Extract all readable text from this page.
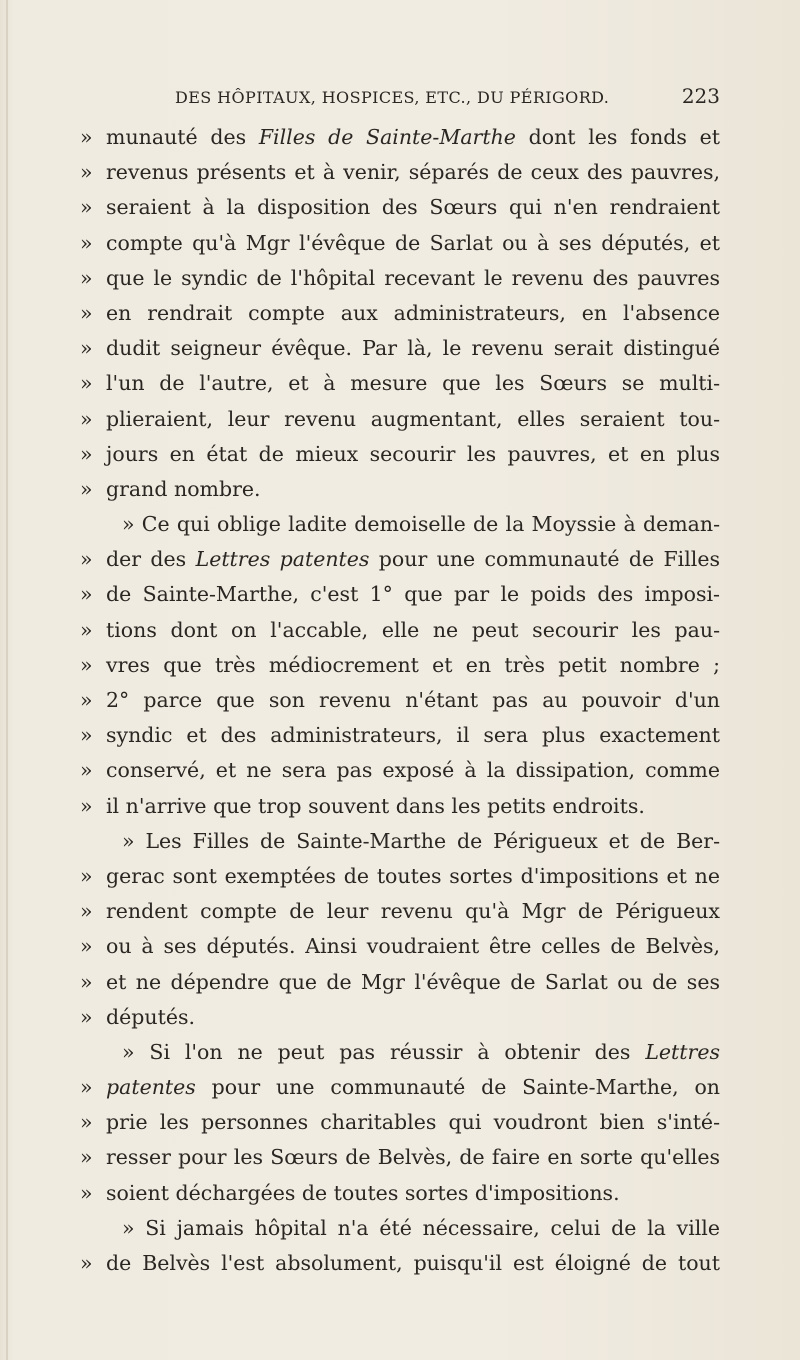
DES HÔPITAUX, HOSPICES, ETC., DU PÉRIGORD.	223
» munauté des Filles de Sainte-Marthe dont les fonds et
» revenus présents et à venir, séparés de ceux des pauvres,
» seraient à la disposition des Sœurs qui n'en rendraient
» compte qu'à Mgr l'évêque de Sarlat ou à ses députés, et
» que le syndic de l'hôpital recevant le revenu des pauvres
» en rendrait compte aux administrateurs, en l'absence
» dudit seigneur évêque. Par là, le revenu serait distingué
» l'un de l'autre, et à mesure que les Sœurs se multi-
» plieraient, leur revenu augmentant, elles seraient tou-
» jours en état de mieux secourir les pauvres, et en plus
» grand nombre.
» Ce qui oblige ladite demoiselle de la Moyssie à deman-
» der des Lettres patentes pour une communauté de Filles
» de Sainte-Marthe, c'est 1° que par le poids des imposi-
» tions dont on l'accable, elle ne peut secourir les pau-
» vres que très médiocrement et en très petit nombre ;
» 2° parce que son revenu n'étant pas au pouvoir d'un
» syndic et des administrateurs, il sera plus exactement
» conservé, et ne sera pas exposé à la dissipation, comme
» il n'arrive que trop souvent dans les petits endroits.
» Les Filles de Sainte-Marthe de Périgueux et de Ber-
» gerac sont exemptées de toutes sortes d'impositions et ne
» rendent compte de leur revenu qu'à Mgr de Périgueux
» ou à ses députés. Ainsi voudraient être celles de Belvès,
» et ne dépendre que de Mgr l'évêque de Sarlat ou de ses
» députés.
» Si l'on ne peut pas réussir à obtenir des Lettres
» patentes pour une communauté de Sainte-Marthe, on
» prie les personnes charitables qui voudront bien s'inté-
» resser pour les Sœurs de Belvès, de faire en sorte qu'elles
» soient déchargées de toutes sortes d'impositions.
» Si jamais hôpital n'a été nécessaire, celui de la ville
» de Belvès l'est absolument, puisqu'il est éloigné de tout
